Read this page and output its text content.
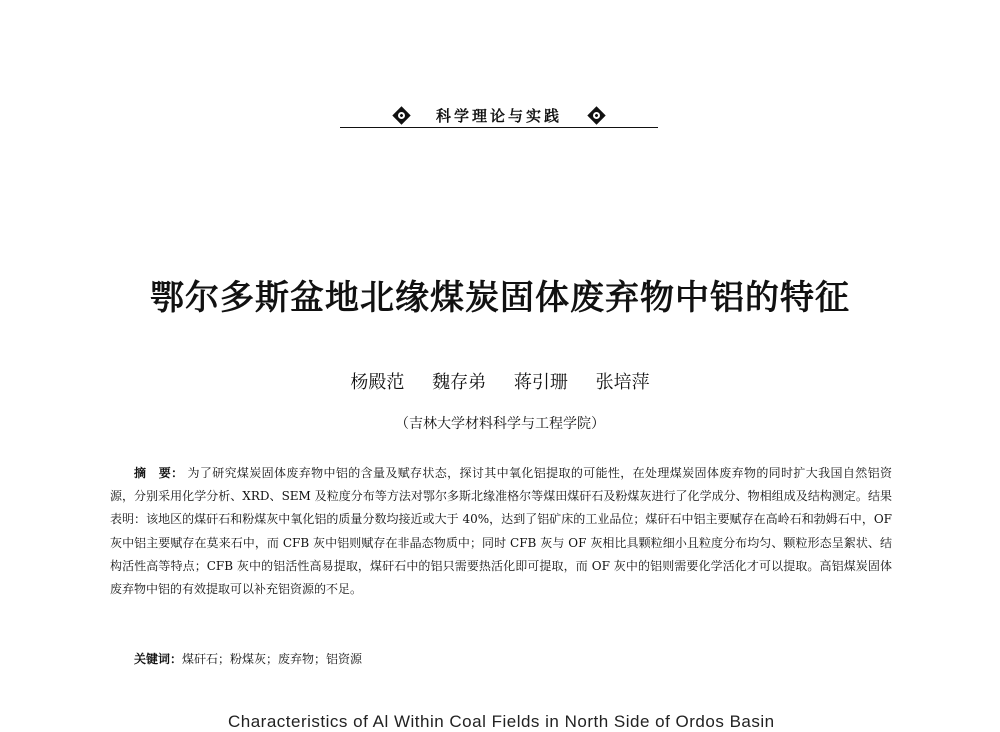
科学理论与实践
鄂尔多斯盆地北缘煤炭固体废弃物中铝的特征
杨殿范 魏存弟 蒋引珊 张培萍
（吉林大学材料科学与工程学院）
摘　要： 为了研究煤炭固体废弃物中铝的含量及赋存状态，探讨其中氧化铝提取的可能性，在处理煤炭固体废弃物的同时扩大我国自然铝资源，分别采用化学分析、XRD、SEM 及粒度分布等方法对鄂尔多斯北缘准格尔等煤田煤矸石及粉煤灰进行了化学成分、物相组成及结构测定。结果表明：该地区的煤矸石和粉煤灰中氧化铝的质量分数均接近或大于 40%，达到了铝矿床的工业品位；煤矸石中铝主要赋存在高岭石和勃姆石中，OF 灰中铝主要赋存在莫来石中，而 CFB 灰中铝则赋存在非晶态物质中；同时 CFB 灰与 OF 灰相比具颗粒细小且粒度分布均匀、颗粒形态呈絮状、结构活性高等特点；CFB 灰中的铝活性高易提取，煤矸石中的铝只需要热活化即可提取，而 OF 灰中的铝则需要化学活化才可以提取。高铝煤炭固体废弃物中铝的有效提取可以补充铝资源的不足。
关键词：煤矸石；粉煤灰；废弃物；铝资源
Characteristics of Al Within Coal Fields in North Side of Ordos Basin
